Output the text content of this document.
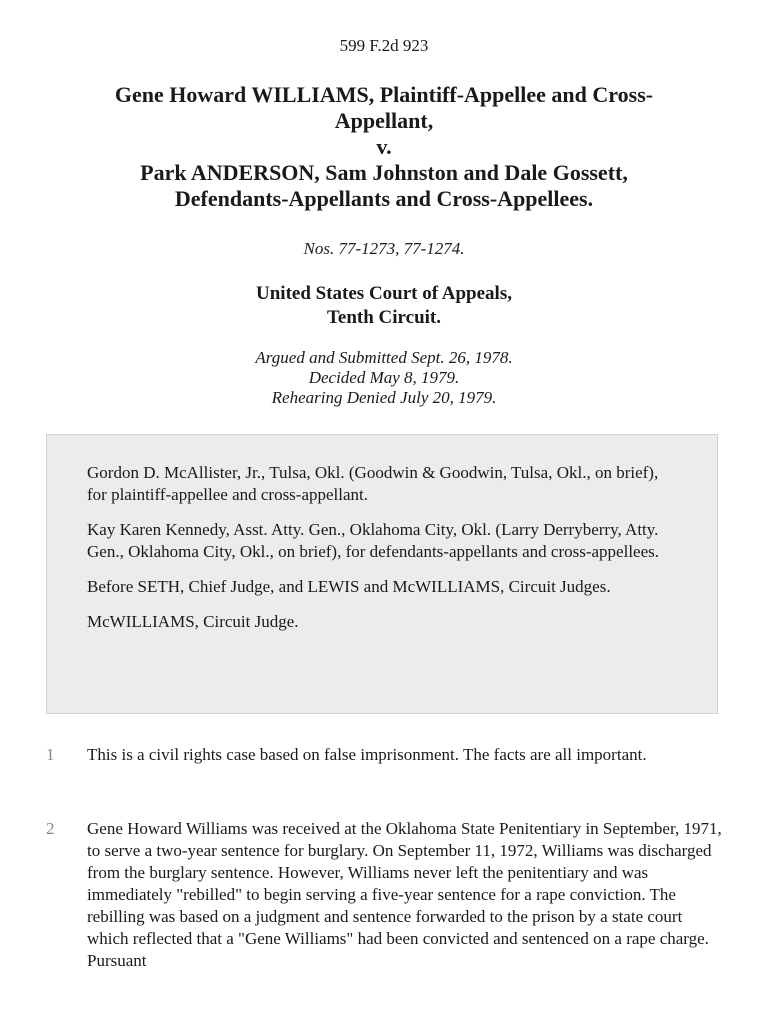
599 F.2d 923
Gene Howard WILLIAMS, Plaintiff-Appellee and Cross-
Appellant,
v.
Park ANDERSON, Sam Johnston and Dale Gossett,
Defendants-Appellants and Cross-Appellees.
Nos. 77-1273, 77-1274.
United States Court of Appeals,
Tenth Circuit.
Argued and Submitted Sept. 26, 1978.
Decided May 8, 1979.
Rehearing Denied July 20, 1979.

Gordon D. McAllister, Jr., Tulsa, Okl. (Goodwin & Goodwin, Tulsa, Okl., on brief), for plaintiff-appellee and cross-appellant.

Kay Karen Kennedy, Asst. Atty. Gen., Oklahoma City, Okl. (Larry Derryberry, Atty. Gen., Oklahoma City, Okl., on brief), for defendants-appellants and cross-appellees.

Before SETH, Chief Judge, and LEWIS and McWILLIAMS, Circuit Judges.

McWILLIAMS, Circuit Judge.

1	This is a civil rights case based on false imprisonment. The facts are all important.
2	Gene Howard Williams was received at the Oklahoma State Penitentiary in September, 1971, to serve a two-year sentence for burglary. On September 11, 1972, Williams was discharged from the burglary sentence. However, Williams never left the penitentiary and was immediately "rebilled" to begin serving a five-year sentence for a rape conviction. The rebilling was based on a judgment and sentence forwarded to the prison by a state court which reflected that a "Gene Williams" had been convicted and sentenced on a rape charge. Pursuant
